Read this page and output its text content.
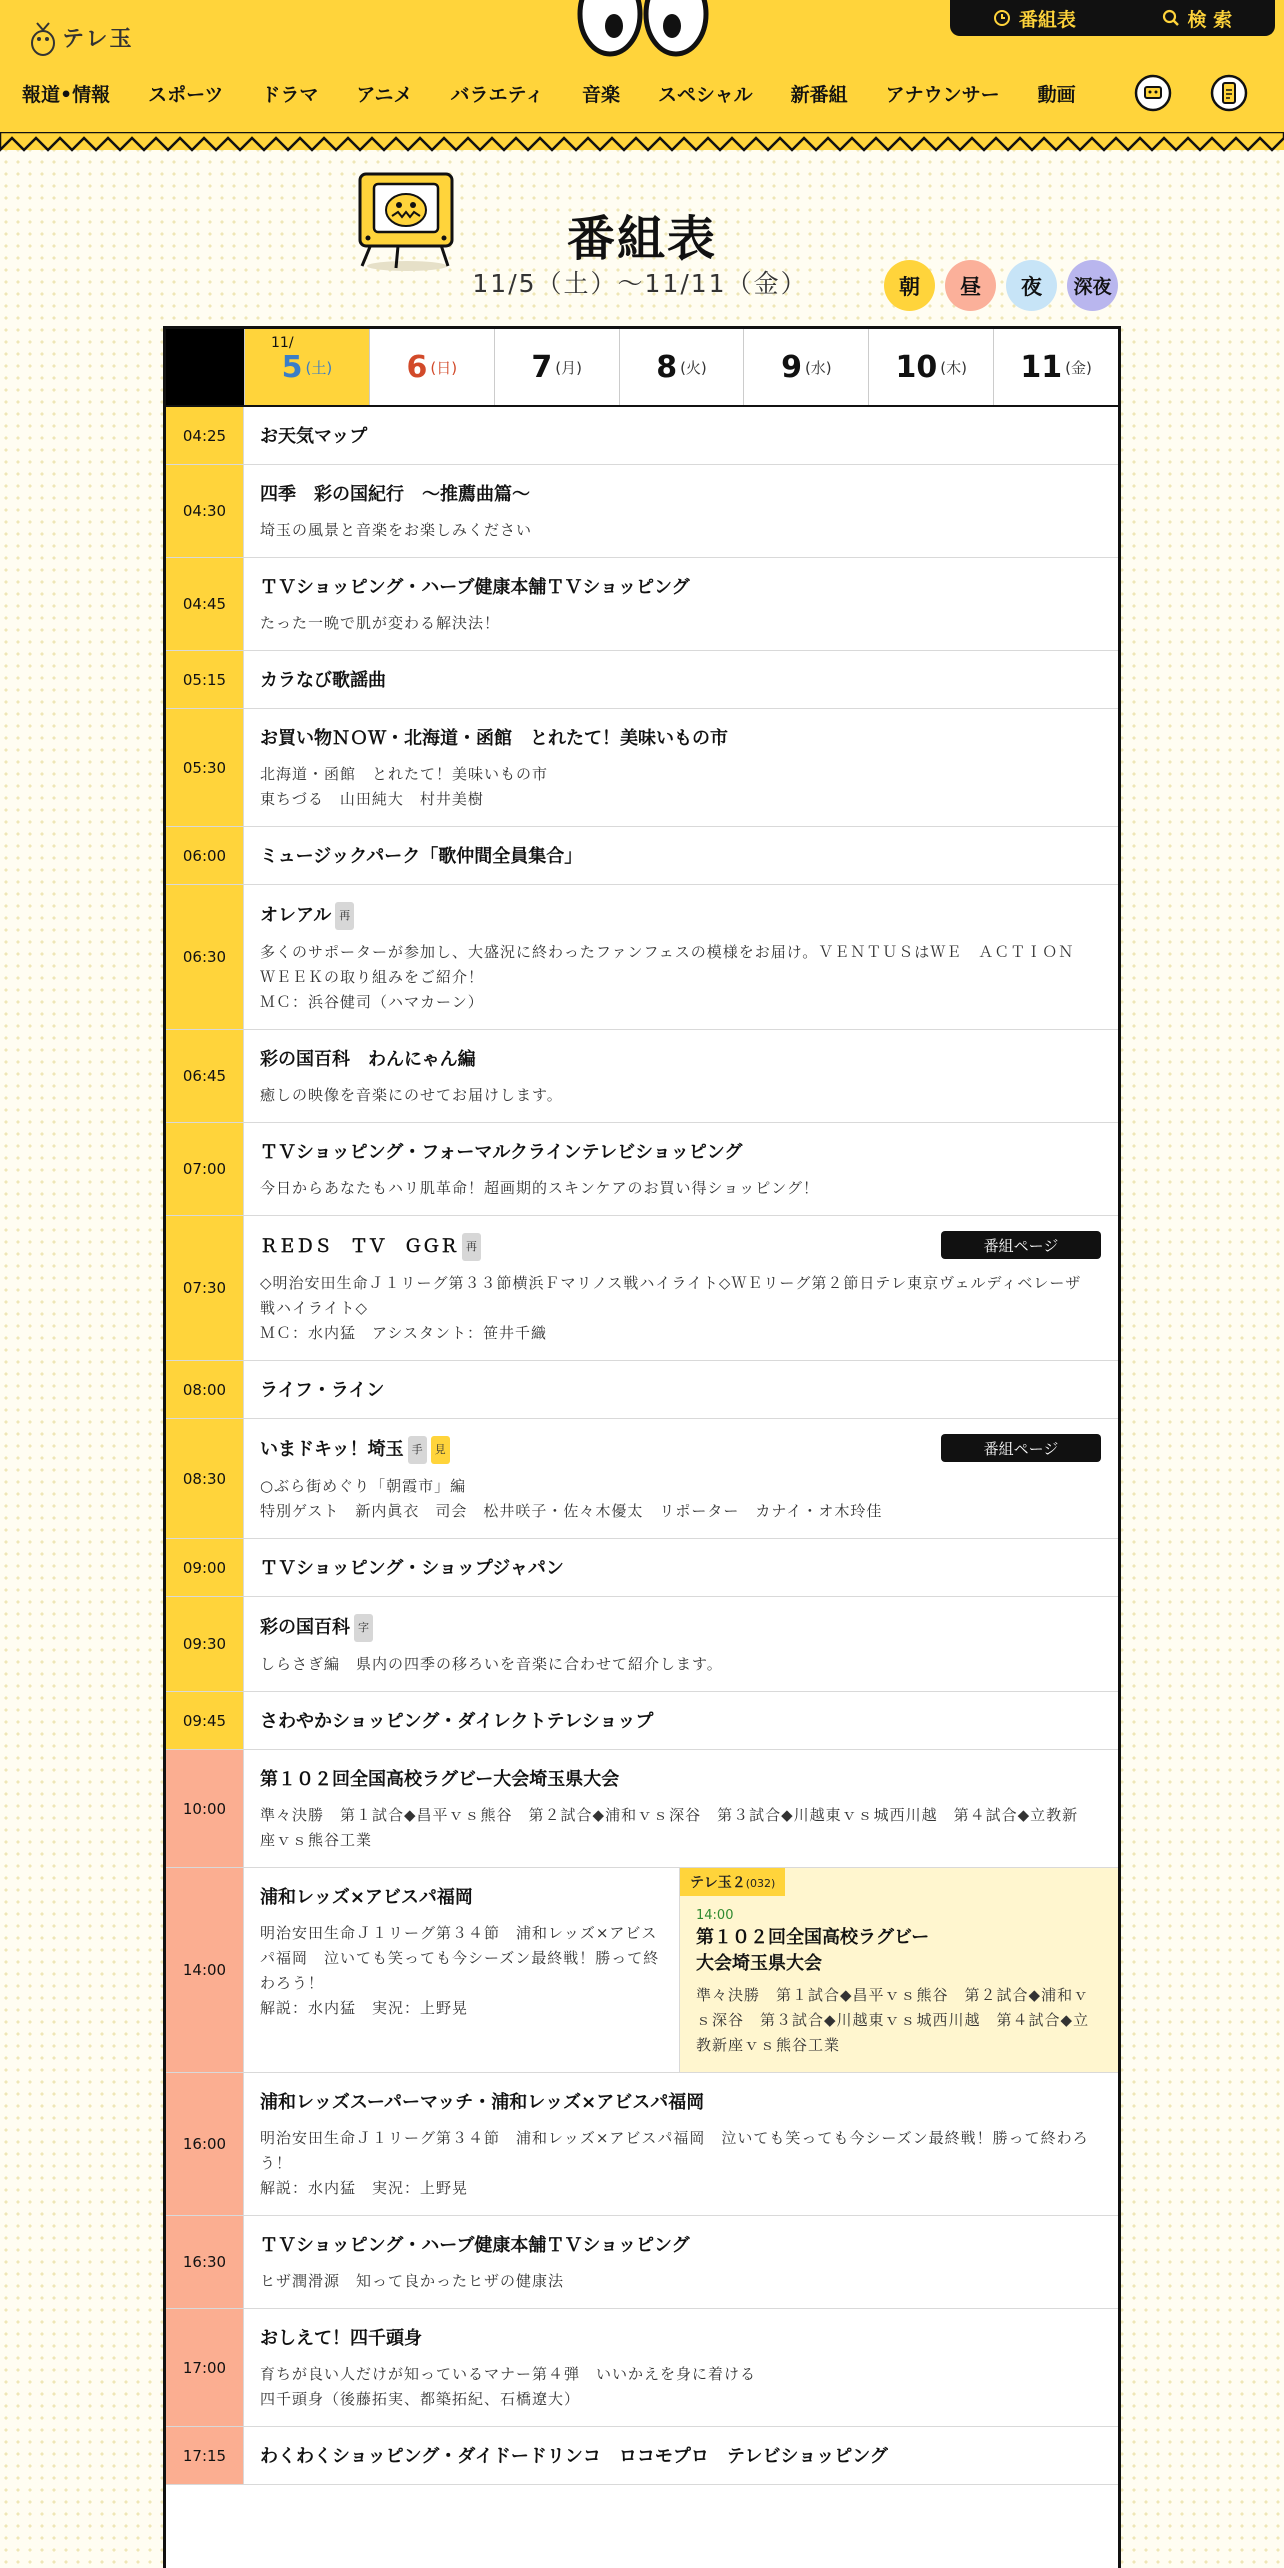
テレ玉
番組表	検 索
報道•情報 スポーツ ドラマ アニメ バラエティ 音楽 スペシャル 新番組 アナウンサー 動画
番組表
11/5（土）〜11/11（金）	朝	昼	夜	深夜
11/
5 (土) 6 (日) 7 (月) 8 (火) 9 (水) 10 (木) 11 (金)
04:25	お天気マップ
04:30
四季　彩の国紀行　～推薦曲篇～
埼玉の風景と音楽をお楽しみください
04:45
ＴＶショッピング・ハーブ健康本舗ＴＶショッピング
たった一晩で肌が変わる解決法！
05:15	カラなび歌謡曲
05:30
お買い物ＮＯＷ・北海道・函館　とれたて！美味いもの市
北海道・函館　とれたて！美味いもの市
東ちづる　山田純大　村井美樹
06:00	ミュージックパーク「歌仲間全員集合」
06:30
オレアル 再
多くのサポーターが参加し、大盛況に終わったファンフェスの模様をお届け。ＶＥＮＴＵＳはＷＥ　ＡＣＴＩＯＮ
ＷＥＥＫの取り組みをご紹介！
ＭＣ：浜谷健司（ハマカーン）
06:45
彩の国百科　わんにゃん編
癒しの映像を音楽にのせてお届けします。
07:00
ＴＶショッピング・フォーマルクラインテレビショッピング
今日からあなたもハリ肌革命！超画期的スキンケアのお買い得ショッピング！
07:30
ＲＥＤＳ　ＴＶ　ＧＧＲ 再
◇明治安田生命Ｊ１リーグ第３３節横浜Ｆマリノス戦ハイライト◇ＷＥリーグ第２節日テレ東京ヴェルディベレーザ
戦ハイライト◇
ＭＣ：水内猛　アシスタント：笹井千織
番組ページ
08:00	ライフ・ライン
08:30
いまドキッ！埼玉 手 見
○ぶら街めぐり「朝霞市」編
特別ゲスト　新内眞衣　司会　松井咲子・佐々木優太　リポーター　カナイ・オ木玲佳
番組ページ
09:00	ＴＶショッピング・ショップジャパン
09:30
彩の国百科 字
しらさぎ編　県内の四季の移ろいを音楽に合わせて紹介します。
09:45	さわやかショッピング・ダイレクトテレショップ
10:00
第１０２回全国高校ラグビー大会埼玉県大会
準々決勝　第１試合◆昌平ｖｓ熊谷　第２試合◆浦和ｖｓ深谷　第３試合◆川越東ｖｓ城西川越　第４試合◆立教新
座ｖｓ熊谷工業
14:00
浦和レッズ×アビスパ福岡
明治安田生命Ｊ１リーグ第３４節　浦和レッズ×アビス
パ福岡　泣いても笑っても今シーズン最終戦！勝って終
わろう！
解説：水内猛　実況：上野晃
テレ玉２(032)
14:00
第１０２回全国高校ラグビー
大会埼玉県大会
準々決勝　第１試合◆昌平ｖｓ熊谷　第２試合◆浦和ｖ
ｓ深谷　第３試合◆川越東ｖｓ城西川越　第４試合◆立
教新座ｖｓ熊谷工業
16:00
浦和レッズスーパーマッチ・浦和レッズ×アビスパ福岡
明治安田生命Ｊ１リーグ第３４節　浦和レッズ×アビスパ福岡　泣いても笑っても今シーズン最終戦！勝って終わろ
う！
解説：水内猛　実況：上野晃
16:30
ＴＶショッピング・ハーブ健康本舗ＴＶショッピング
ヒザ潤滑源　知って良かったヒザの健康法
17:00
おしえて！四千頭身
育ちが良い人だけが知っているマナー第４弾　いいかえを身に着ける
四千頭身（後藤拓実、都築拓紀、石橋遼大）
17:15	わくわくショッピング・ダイドードリンコ　ロコモプロ　テレビショッピング
